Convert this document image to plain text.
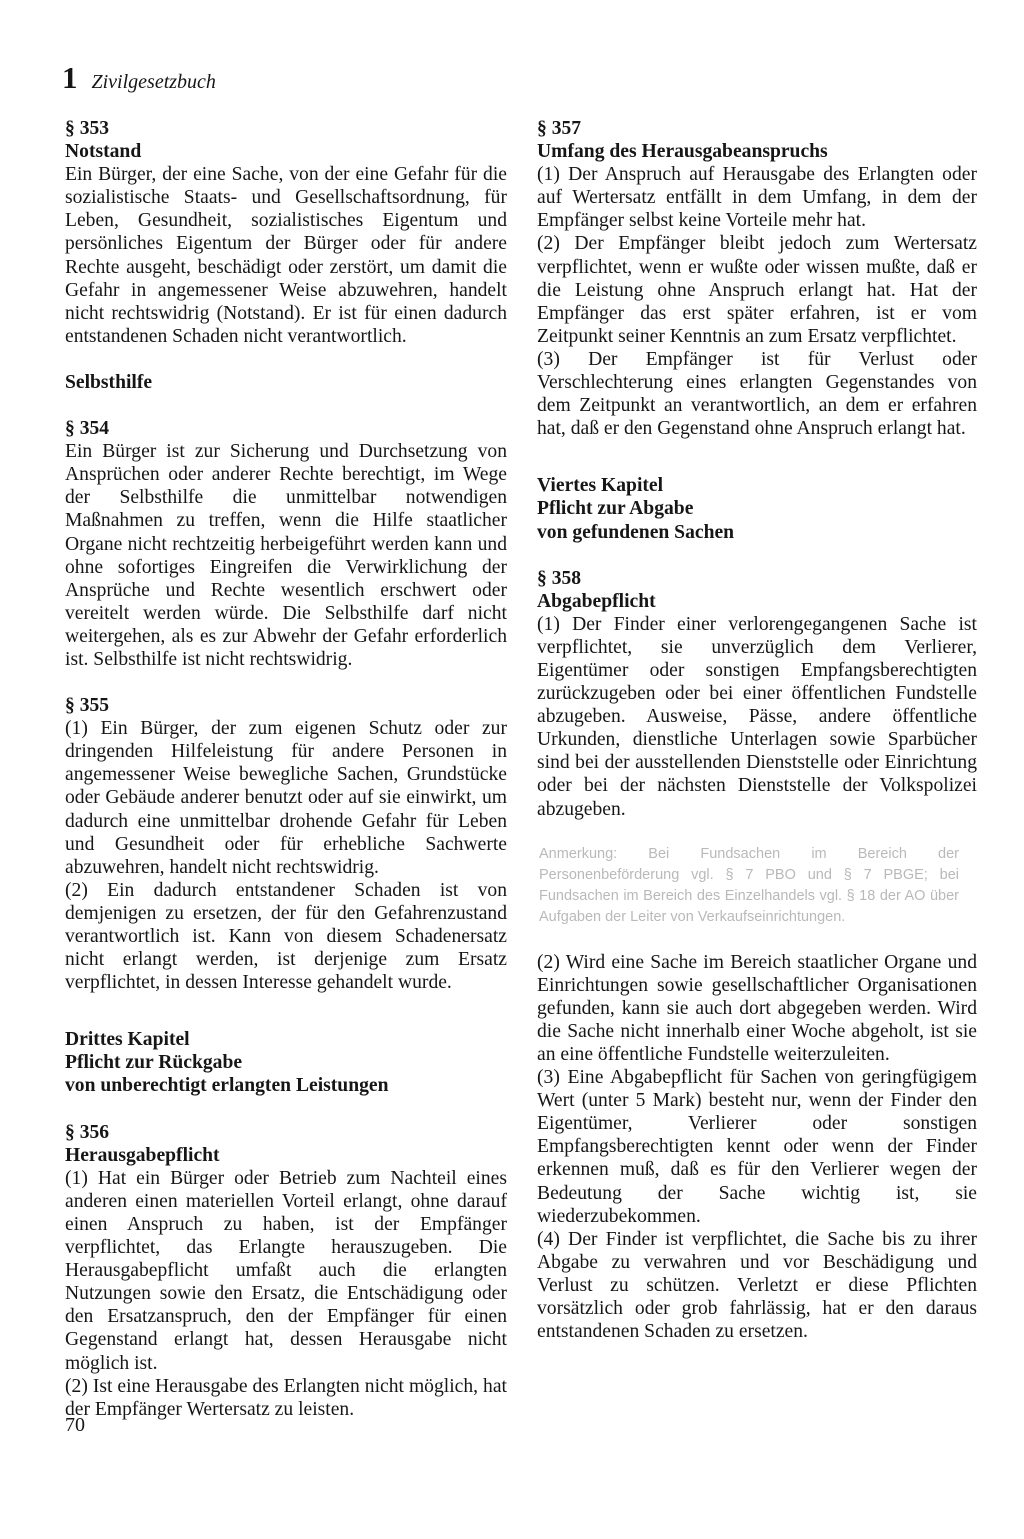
1 Zivilgesetzbuch

§ 353

Notstand

Ein Bürger, der eine Sache, von der eine Gefahr für die sozialistische Staats- und Gesellschaftsordnung, für Leben, Gesundheit, sozialistisches Eigentum und persönliches Eigentum der Bürger oder für andere Rechte ausgeht, beschädigt oder zerstört, um damit die Gefahr in angemessener Weise abzuwehren, handelt nicht rechtswidrig (Notstand). Er ist für einen dadurch entstandenen Schaden nicht verantwortlich.

Selbsthilfe

§ 354

Ein Bürger ist zur Sicherung und Durchsetzung von Ansprüchen oder anderer Rechte berechtigt, im Wege der Selbsthilfe die unmittelbar notwendigen Maßnahmen zu treffen, wenn die Hilfe staatlicher Organe nicht rechtzeitig herbeigeführt werden kann und ohne sofortiges Eingreifen die Verwirklichung der Ansprüche und Rechte wesentlich erschwert oder vereitelt werden würde. Die Selbsthilfe darf nicht weitergehen, als es zur Abwehr der Gefahr erforderlich ist. Selbsthilfe ist nicht rechtswidrig.

§ 355

(1) Ein Bürger, der zum eigenen Schutz oder zur dringenden Hilfeleistung für andere Personen in angemessener Weise bewegliche Sachen, Grundstücke oder Gebäude anderer benutzt oder auf sie einwirkt, um dadurch eine unmittelbar drohende Gefahr für Leben und Gesundheit oder für erhebliche Sachwerte abzuwehren, handelt nicht rechtswidrig.

(2) Ein dadurch entstandener Schaden ist von demjenigen zu ersetzen, der für den Gefahrenzustand verantwortlich ist. Kann von diesem Schadenersatz nicht erlangt werden, ist derjenige zum Ersatz verpflichtet, in dessen Interesse gehandelt wurde.

Drittes Kapitel

Pflicht zur Rückgabe

von unberechtigt erlangten Leistungen

§ 356

Herausgabepflicht

(1) Hat ein Bürger oder Betrieb zum Nachteil eines anderen einen materiellen Vorteil erlangt, ohne darauf einen Anspruch zu haben, ist der Empfänger verpflichtet, das Erlangte herauszugeben. Die Herausgabepflicht umfaßt auch die erlangten Nutzungen sowie den Ersatz, die Entschädigung oder den Ersatzanspruch, den der Empfänger für einen Gegenstand erlangt hat, dessen Herausgabe nicht möglich ist.

(2) Ist eine Herausgabe des Erlangten nicht möglich, hat der Empfänger Wertersatz zu leisten.

§ 357

Umfang des Herausgabeanspruchs

(1) Der Anspruch auf Herausgabe des Erlangten oder auf Wertersatz entfällt in dem Umfang, in dem der Empfänger selbst keine Vorteile mehr hat.

(2) Der Empfänger bleibt jedoch zum Wertersatz verpflichtet, wenn er wußte oder wissen mußte, daß er die Leistung ohne Anspruch erlangt hat. Hat der Empfänger das erst später erfahren, ist er vom Zeitpunkt seiner Kenntnis an zum Ersatz verpflichtet.

(3) Der Empfänger ist für Verlust oder Verschlechterung eines erlangten Gegenstandes von dem Zeitpunkt an verantwortlich, an dem er erfahren hat, daß er den Gegenstand ohne Anspruch erlangt hat.

Viertes Kapitel

Pflicht zur Abgabe

von gefundenen Sachen

§ 358

Abgabepflicht

(1) Der Finder einer verlorengegangenen Sache ist verpflichtet, sie unverzüglich dem Verlierer, Eigentümer oder sonstigen Empfangsberechtigten zurückzugeben oder bei einer öffentlichen Fundstelle abzugeben. Ausweise, Pässe, andere öffentliche Urkunden, dienstliche Unterlagen sowie Sparbücher sind bei der ausstellenden Dienststelle oder Einrichtung oder bei der nächsten Dienststelle der Volkspolizei abzugeben.

Anmerkung: Bei Fundsachen im Bereich der Personenbeförderung vgl. § 7 PBO und § 7 PBGE; bei Fundsachen im Bereich des Einzelhandels vgl. § 18 der AO über Aufgaben der Leiter von Verkaufseinrichtungen.

(2) Wird eine Sache im Bereich staatlicher Organe und Einrichtungen sowie gesellschaftlicher Organisationen gefunden, kann sie auch dort abgegeben werden. Wird die Sache nicht innerhalb einer Woche abgeholt, ist sie an eine öffentliche Fundstelle weiterzuleiten.

(3) Eine Abgabepflicht für Sachen von geringfügigem Wert (unter 5 Mark) besteht nur, wenn der Finder den Eigentümer, Verlierer oder sonstigen Empfangsberechtigten kennt oder wenn der Finder erkennen muß, daß es für den Verlierer wegen der Bedeutung der Sache wichtig ist, sie wiederzubekommen.

(4) Der Finder ist verpflichtet, die Sache bis zu ihrer Abgabe zu verwahren und vor Beschädigung und Verlust zu schützen. Verletzt er diese Pflichten vorsätzlich oder grob fahrlässig, hat er den daraus entstandenen Schaden zu ersetzen.

70
